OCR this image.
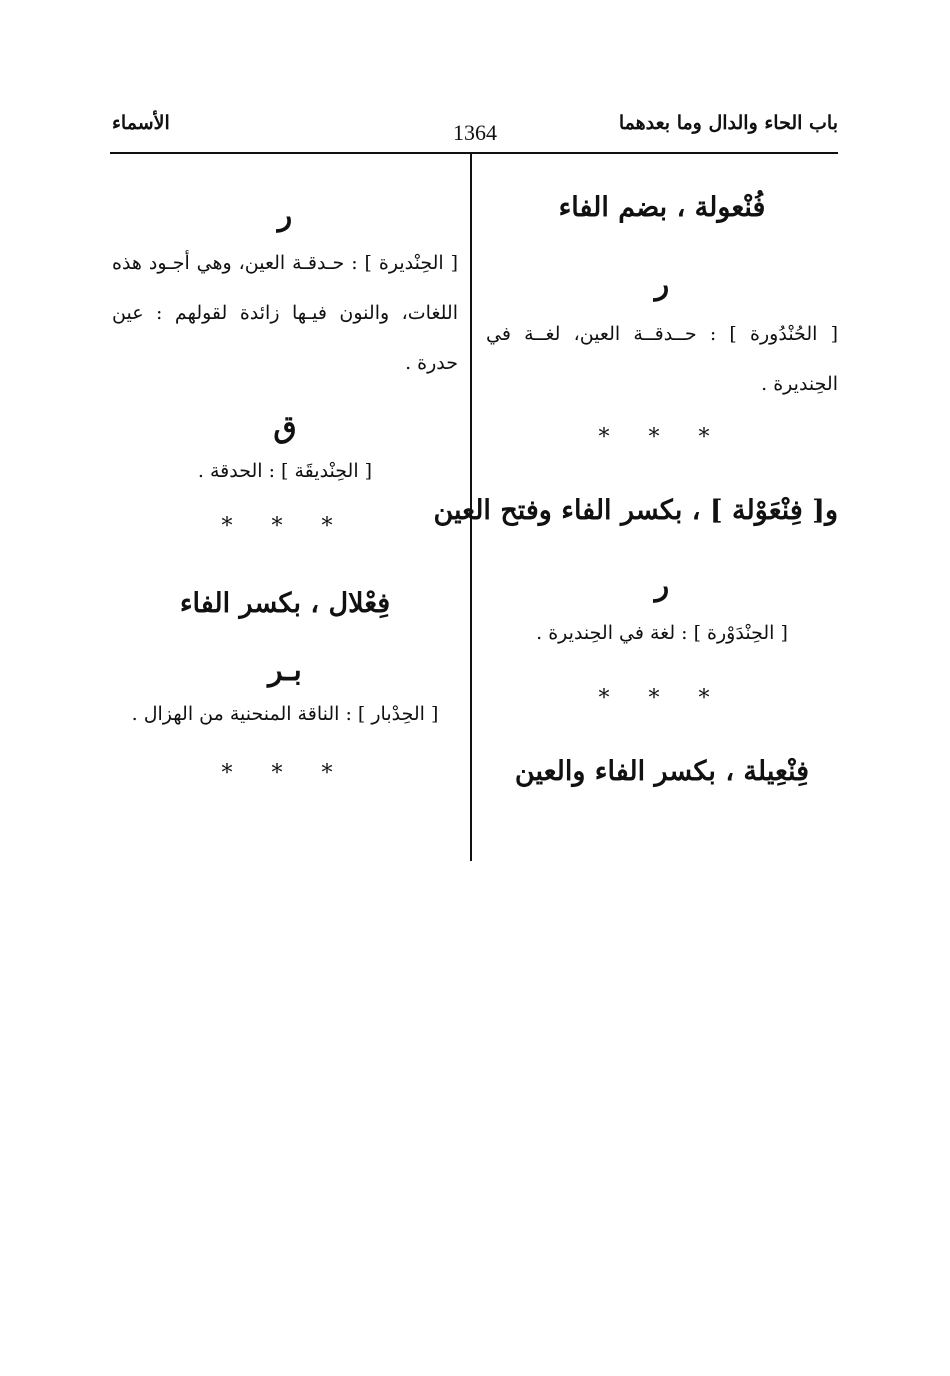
باب الحاء والدال وما بعدهما
1364
الأسماء
فُنْعولة ، بضم الفاء
ر
[ الحُنْدُورة ] : حــدقــة العين، لغــة في الحِنديرة .
* * *
و[ فِنْعَوْلة ] ، بكسر الفاء وفتح العين
ر
[ الحِنْدَوْرة ] : لغة في الحِنديرة .
* * *
فِنْعِيلة ، بكسر الفاء والعين
ر
[ الحِنْديرة ] : حـدقـة العين، وهي أجـود هذه اللغات، والنون فيـها زائدة لقولهم : عين حدرة .
ق
[ الحِنْديقَة ] : الحدقة .
* * *
فِعْلال ، بكسر الفاء
بـر
[ الحِدْبار ] : الناقة المنحنية من الهزال .
* * *
